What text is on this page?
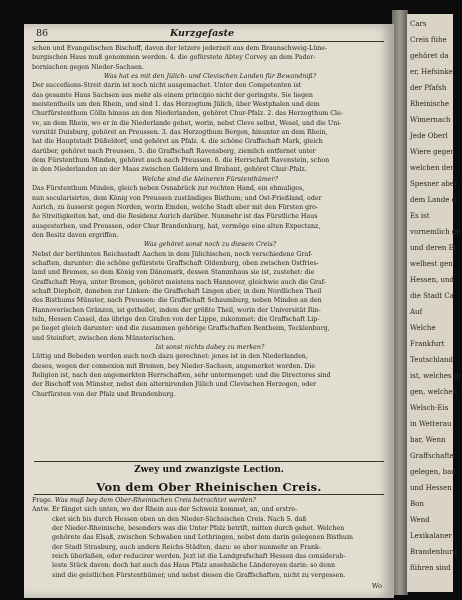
Cars
Creis fühe
gehöret da
er, Hefsinke
der Pfafsh
Rheinische
Wimernach
Jede Oberl
Wiere gegen
welchen den
Spesner aber
dem Lande d
Es ist
vornemlich ge
und deren Ei
welhest gen
Hessen, und
die Stadt Ca
Auf
Welche
Frankfurt
Teutschland
ist, welches gr
gen, welchen
Welsch-Eis
in Wetterau
bar, Wenn
Graffschafte
gelegen, bad
und Hessen
Bon
Wend
Lexikalaner
Brandenburg
führen sind
86	Kurzgefaste

schen und Evangelischen Bischoff, davon der letzere jederzeit aus dem Braunschweig-Lüne-

burgischen Haus muß genommen werden. 4. die gefürstete Abtey Corvey an dem Pader-

bornischen gegen Nieder-Sachsen.

Was hat es mit den Jülich- und Clevischen Landen für Bewandniß?

Der succeßions-Streit darin ist noch nicht ausgemachet. Unter den Competenten ist

das gesamte Haus Sachsen aus mehr als einem principio nicht der geringste. Sie liegen

meistentheils um den Rhein, und sind 1. das Herzogtum Jülich, über Westphalen und dem

Churfürstenthum Cölln hinaus an den Niederlanden, gehöret Chur-Pfalz. 2. das Herzogthum Cle-

ve, an dem Rhein, wo er in die Niederlande gehet, worin, nebst Cleve selbst, Wesel, und die Uni-

versität Duisburg, gehöret an Preussen. 3. das Herzogthum Bergen, hinunter an dem Rhein,

hat die Hauptstadt Düßeldorf, und gehöret an Pfalz. 4. die schöne Graffschaft Mark, gleich

darüber, gehöret nach Preussen. 5. die Graffschaft Ravensberg, ziemlich entfernet unter

dem Fürstenthum Minden, gehöret auch nach Preussen. 6. die Herrschaft Ravenstein, schon

in den Niederlanden an der Maas zwischen Geldern und Brabant, gehöret Chur-Pfalz.

Welche sind die kleineren Fürstenthümer?

Das Fürstenthum Minden, gleich neben Osnabrück zur rechten Hand, ein ehmaliges,

nun secularisirtes, dem König von Preussen zuständiges Bisthum; und Ost-Frießland, oder

Aurich, zu äusserst gegen Norden, worin Emden, welche Stadt aber mit den Fürsten gro-

ße Streitigkeiten hat, und die Residenz Aurich darüber. Nunmehr ist das Fürstliche Haus

ausgestorben, und Preussen, oder Chur Brandenburg, hat, vermöge eine alten Expectanz,

den Besitz davon ergriffen.

Was gehöret sonst noch zu diesem Creis?

Nebst der berühmten Reichsstadt Aachen in dem Jülichischen, noch verschiedene Graf-

schaften, darunter: die schöne gefürstete Graffschaft Oldenburg, oben zwischen Ostfries-

land und Bremen, so dem König von Dänemark, dessen Stammhaus sie ist, zustehet: die

Graffschaft Hoya, unter Bremen, gehöret meistens nach Hannover, gleichwie auch die Graf-

schaft Diepholt, daneben zur Linken: die Graffschaft Lingen aber, in dem Nordlichen Theil

des Bisthums Münster, nach Preussen: die Graffschaft Schaumburg, neben Minden an den

Hannoverischen Gränzen, ist getheilet, indem der größte Theil, worin der Universität Rin-

teln, Hessen Cassel, das übrige den Grafen von der Lippe, zukommet: die Graffschaft Lip-

pe lieget gleich darunter: und die zusammen gehörige Graffschaften Bentheim, Tecklenburg,

und Steinfort, zwischen dem Münsterischen.

Ist sonst nichts dabey zu merken?

Lüttig und Bebeden werden auch noch dazu gerechnet: jenes ist in den Niederlanden,

dieses, wegen der connexion mit Bremen, bey Nieder-Sachsen, angemerket worden. Die

Religion ist, nach den angemerkten Herrschaften, sehr untermenget: und die Directores sind

der Bischoff von Münster, nebst den alternirenden Jülich und Clevischen Herzogen, oder

Churfürsten von der Pfalz und Brandenburg.

Zwey und zwanzigste Lection.
Von dem Ober Rheinischen Creis.

Frage. Was muß bey dem Ober-Rheinischen Creis betrachtet werden?

Antw. Er fänget sich unten, wo der Rhein aus der Schweiz kommet, an, und erstre-

cket sich bis durch Hessen oben an den Nieder-Sächsischen Creis. Nach S. daß

der Nieder-Rheinische, besonders was die Unter Pfalz betrift, mitten durch gehet. Welchen

gehörete das Elsaß, zwischen Schwaben und Lothringen, nebst dem darin gelegenen Bisthum

der Stadt Strasburg, auch andern Reichs-Städten, dazu: so aber nunmehr an Frank-

reich überlaßen, oder reducirer werden. Jezt ist die Landgrafschaft Hessen das considerab-

leste Stück davon: doch hat auch das Haus Pfalz ansehnliche Ländereyen darin: so denn

sind die geistlichen Fürstenthümer, und nebst diesen die Graffschaften, nicht zu vergessen.

Wo
